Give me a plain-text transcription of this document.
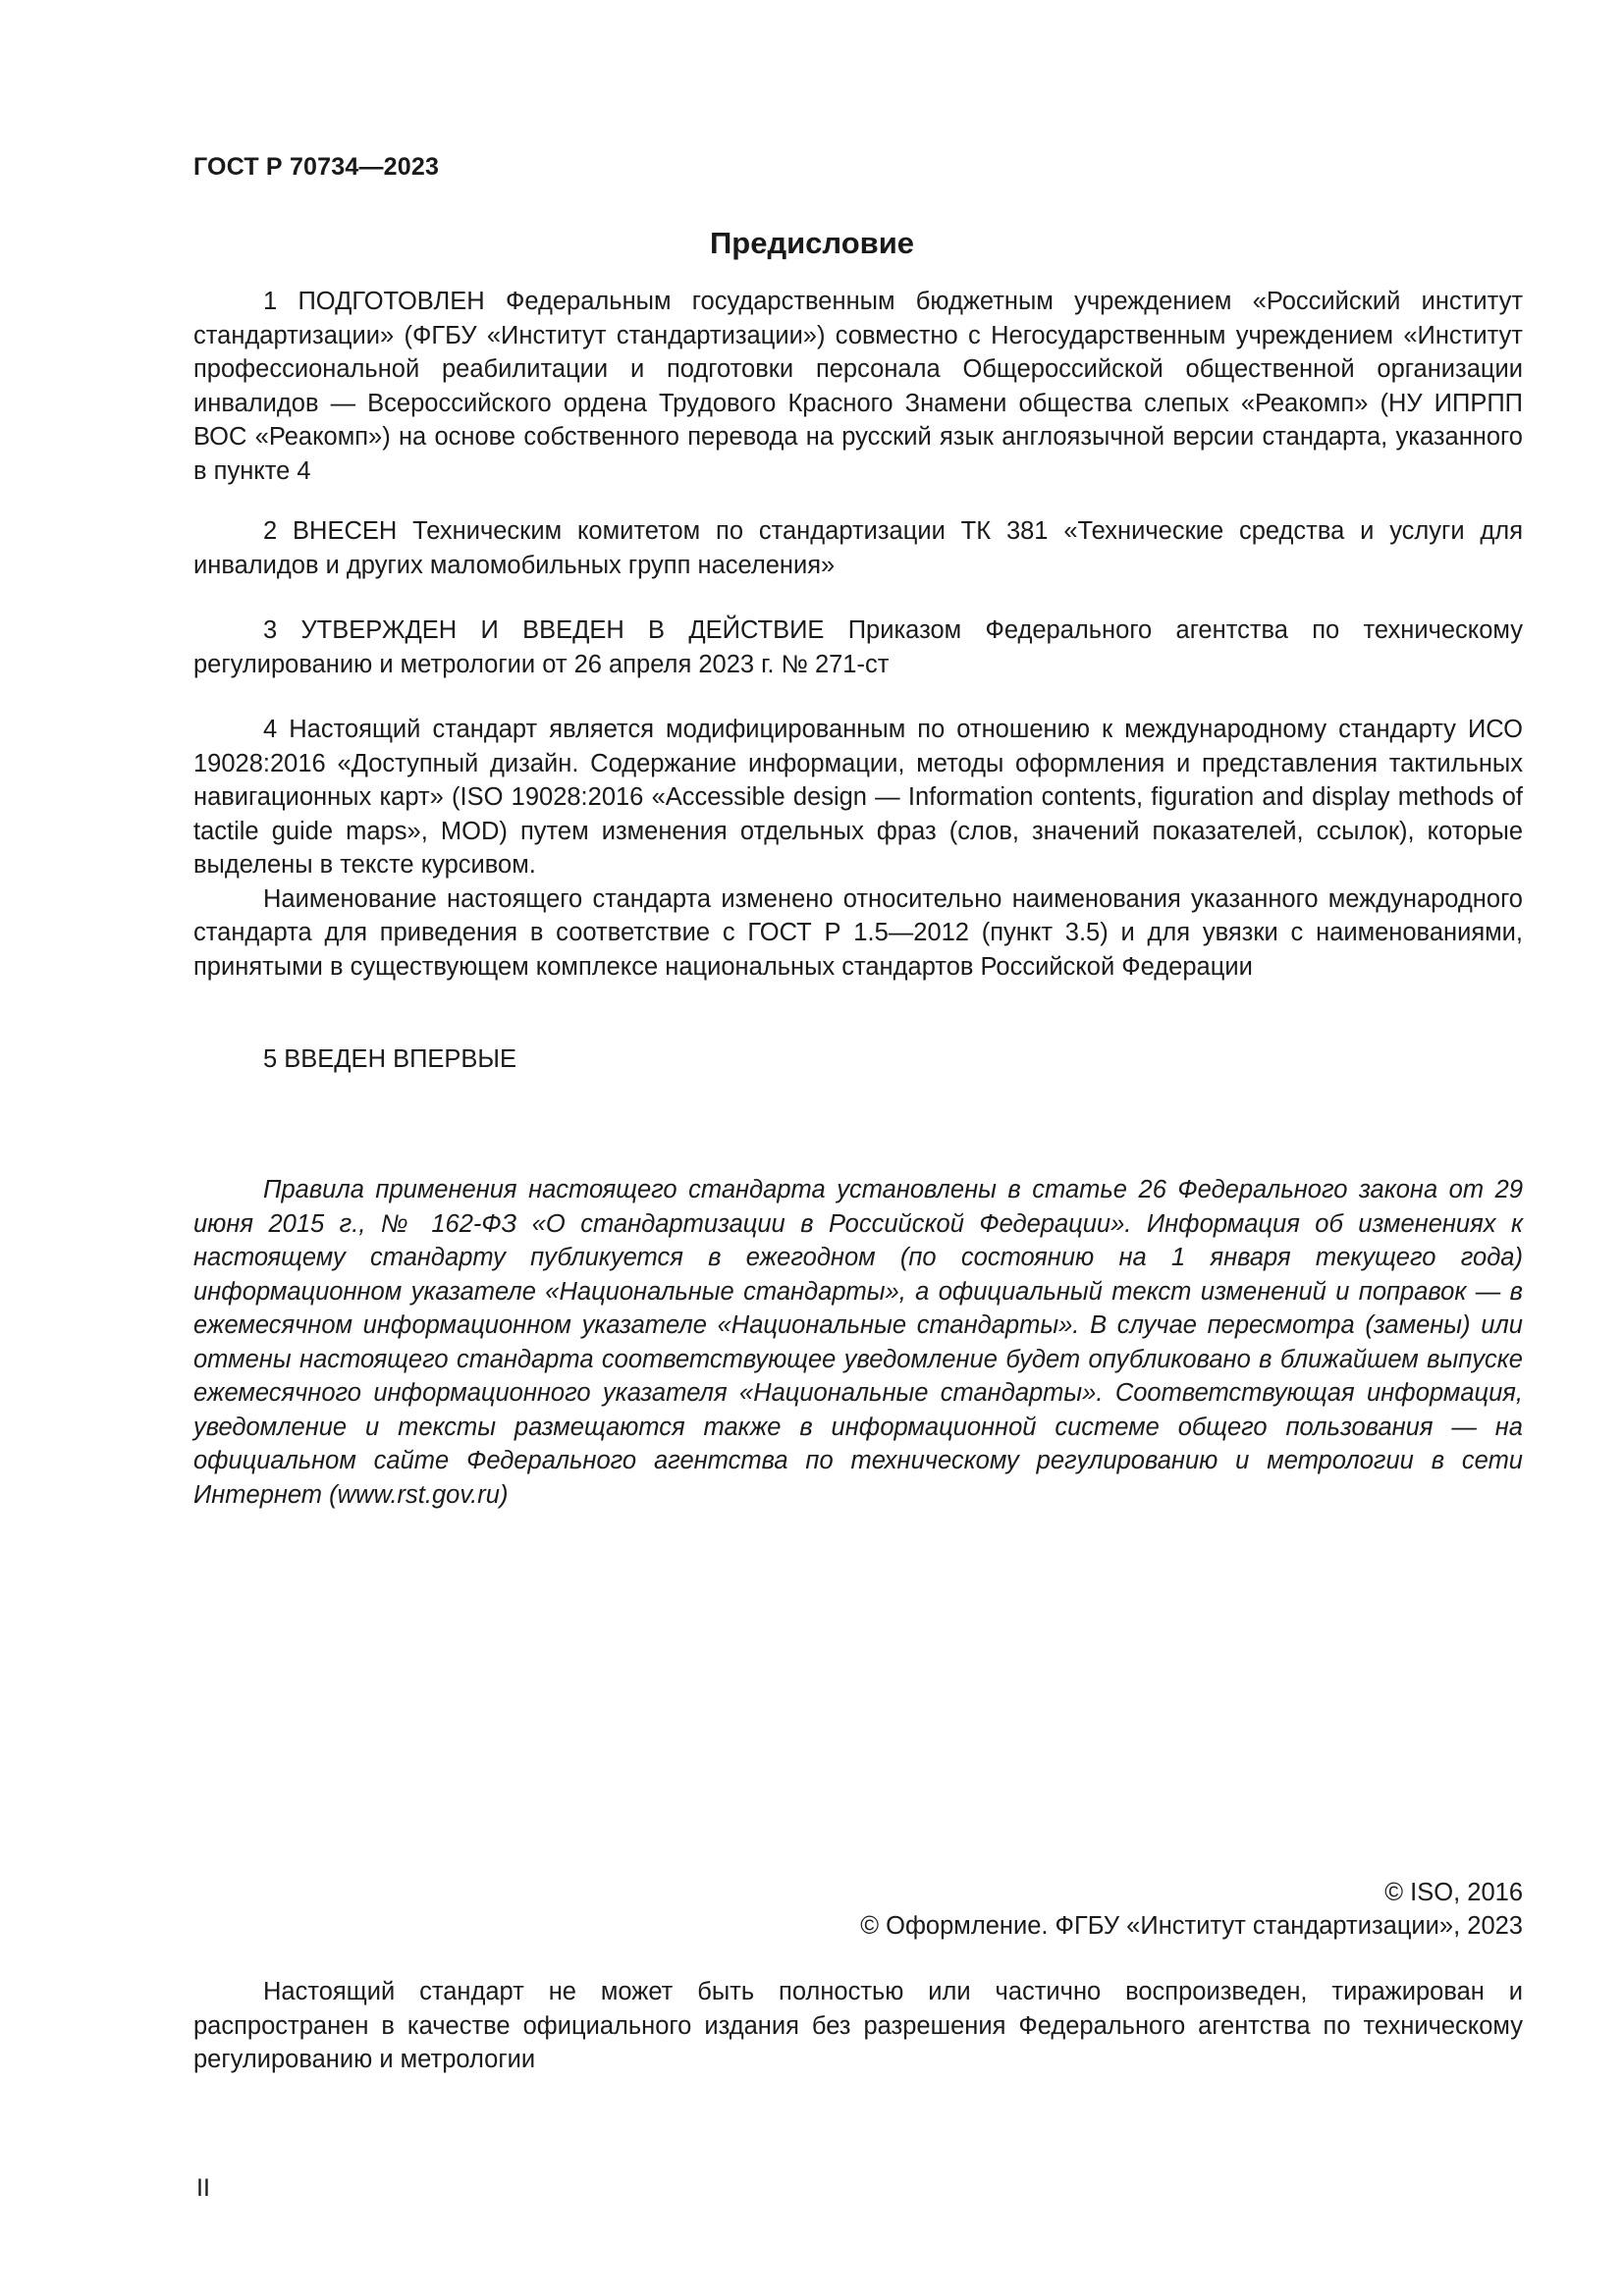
ГОСТ Р 70734—2023
Предисловие

1 ПОДГОТОВЛЕН Федеральным государственным бюджетным учреждением «Российский институт стандартизации» (ФГБУ «Институт стандартизации») совместно с Негосударственным учреждением «Институт профессиональной реабилитации и подготовки персонала Общероссийской общественной организации инвалидов — Всероссийского ордена Трудового Красного Знамени общества слепых «Реакомп» (НУ ИПРПП ВОС «Реакомп») на основе собственного перевода на русский язык англоязычной версии стандарта, указанного в пункте 4

2 ВНЕСЕН Техническим комитетом по стандартизации ТК 381 «Технические средства и услуги для инвалидов и других маломобильных групп населения»

3 УТВЕРЖДЕН И ВВЕДЕН В ДЕЙСТВИЕ Приказом Федерального агентства по техническому регулированию и метрологии от 26 апреля 2023 г. № 271-ст

4 Настоящий стандарт является модифицированным по отношению к международному стандарту ИСО 19028:2016 «Доступный дизайн. Содержание информации, методы оформления и представления тактильных навигационных карт» (ISO 19028:2016 «Accessible design — Information contents, figuration and display methods of tactile guide maps», MOD) путем изменения отдельных фраз (слов, значений показателей, ссылок), которые выделены в тексте курсивом.

Наименование настоящего стандарта изменено относительно наименования указанного международного стандарта для приведения в соответствие с ГОСТ Р 1.5—2012 (пункт 3.5) и для увязки с наименованиями, принятыми в существующем комплексе национальных стандартов Российской Федерации

5 ВВЕДЕН ВПЕРВЫЕ

Правила применения настоящего стандарта установлены в статье 26 Федерального закона от 29 июня 2015 г., № 162-ФЗ «О стандартизации в Российской Федерации». Информация об изменениях к настоящему стандарту публикуется в ежегодном (по состоянию на 1 января текущего года) информационном указателе «Национальные стандарты», а официальный текст изменений и поправок — в ежемесячном информационном указателе «Национальные стандарты». В случае пересмотра (замены) или отмены настоящего стандарта соответствующее уведомление будет опубликовано в ближайшем выпуске ежемесячного информационного указателя «Национальные стандарты». Соответствующая информация, уведомление и тексты размещаются также в информационной системе общего пользования — на официальном сайте Федерального агентства по техническому регулированию и метрологии в сети Интернет (www.rst.gov.ru)

© ISO, 2016
© Оформление. ФГБУ «Институт стандартизации», 2023

Настоящий стандарт не может быть полностью или частично воспроизведен, тиражирован и распространен в качестве официального издания без разрешения Федерального агентства по техническому регулированию и метрологии

II
